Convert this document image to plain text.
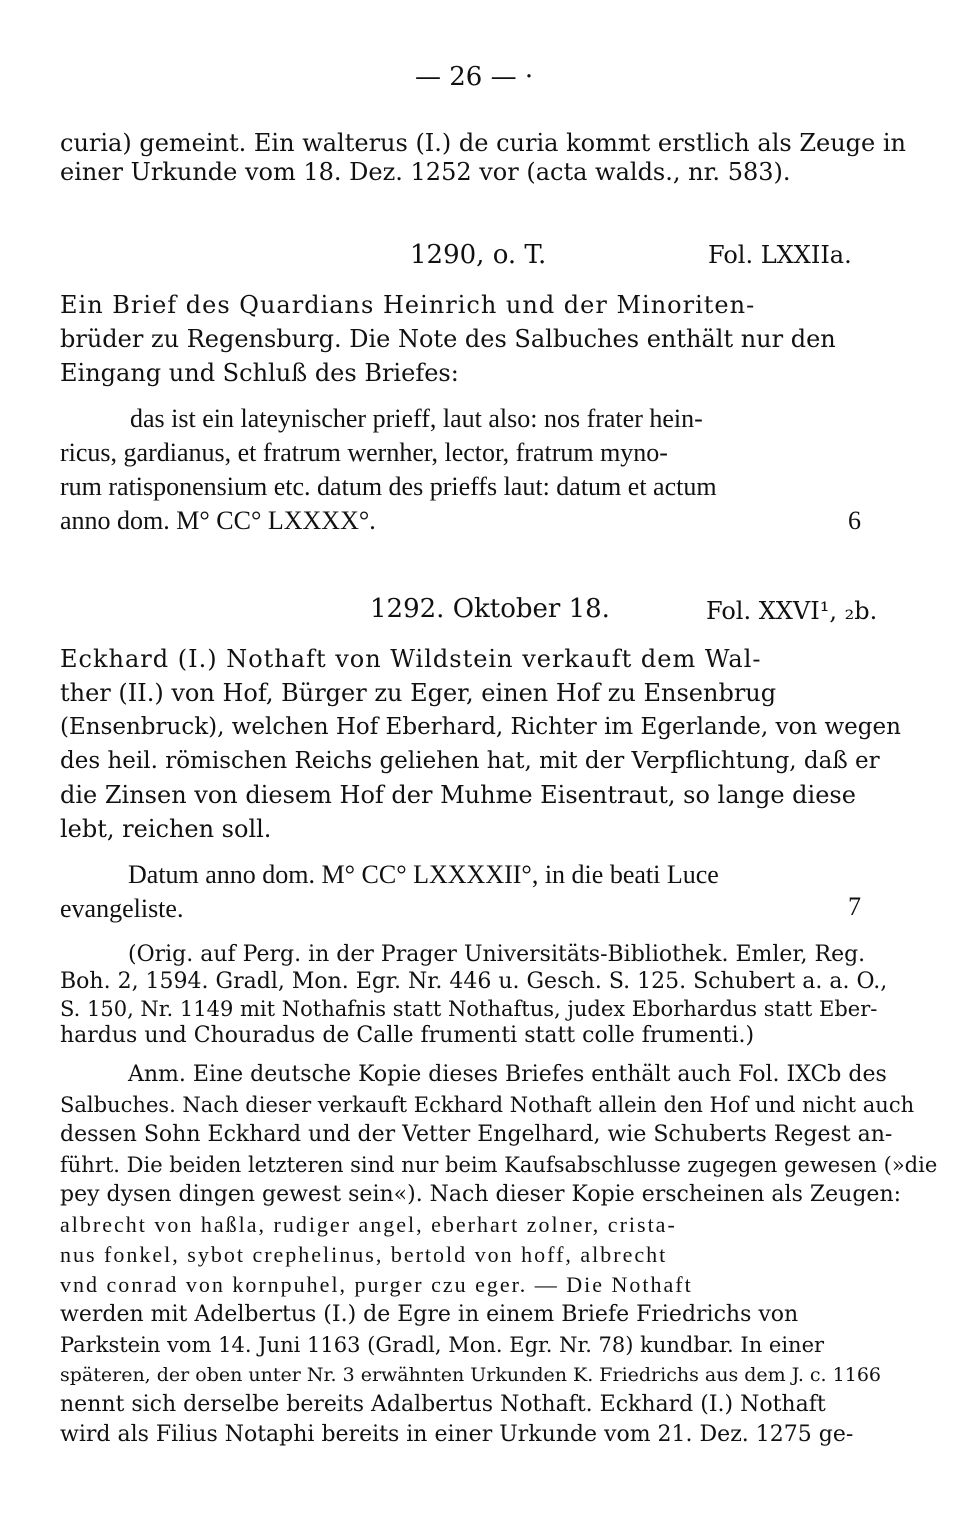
— 26 — ·
curia) gemeint. Ein walterus (I.) de curia kommt erstlich als Zeuge in
einer Urkunde vom 18. Dez. 1252 vor (acta walds., nr. 583).
1290, o. T.	Fol. LXXIIa.
Ein Brief des Quardians Heinrich und der Minoriten-
brüder zu Regensburg. Die Note des Salbuches enthält nur den
Eingang und Schluß des Briefes:
das ist ein lateynischer prieff, laut also: nos frater hein-
ricus, gardianus, et fratrum wernher, lector, fratrum myno-
rum ratisponensium etc. datum des prieffs laut: datum et actum
anno dom. M° CC° LXXXX°.	6
1292. Oktober 18.	Fol. XXVI¹, ₂b.
Eckhard (I.) Nothaft von Wildstein verkauft dem Wal-
ther (II.) von Hof, Bürger zu Eger, einen Hof zu Ensenbrug
(Ensenbruck), welchen Hof Eberhard, Richter im Egerlande, von wegen
des heil. römischen Reichs geliehen hat, mit der Verpflichtung, daß er
die Zinsen von diesem Hof der Muhme Eisentraut, so lange diese
lebt, reichen soll.
Datum anno dom. M° CC° LXXXXII°, in die beati Luce
evangeliste.	7
(Orig. auf Perg. in der Prager Universitäts-Bibliothek. Emler, Reg.
Boh. 2, 1594. Gradl, Mon. Egr. Nr. 446 u. Gesch. S. 125. Schubert a. a. O.,
S. 150, Nr. 1149 mit Nothafnis statt Nothaftus, judex Eborhardus statt Eber-
hardus und Chouradus de Calle frumenti statt colle frumenti.)
Anm. Eine deutsche Kopie dieses Briefes enthält auch Fol. IXCb des
Salbuches. Nach dieser verkauft Eckhard Nothaft allein den Hof und nicht auch
dessen Sohn Eckhard und der Vetter Engelhard, wie Schuberts Regest an-
führt. Die beiden letzteren sind nur beim Kaufsabschlusse zugegen gewesen (»die
pey dysen dingen gewest sein«). Nach dieser Kopie erscheinen als Zeugen:
albrecht von haßla, rudiger angel, eberhart zolner, crista-
nus fonkel, sybot crephelinus, bertold von hoff, albrecht
vnd conrad von kornpuhel, purger czu eger. — Die Nothaft
werden mit Adelbertus (I.) de Egre in einem Briefe Friedrichs von
Parkstein vom 14. Juni 1163 (Gradl, Mon. Egr. Nr. 78) kundbar. In einer
späteren, der oben unter Nr. 3 erwähnten Urkunden K. Friedrichs aus dem J. c. 1166
nennt sich derselbe bereits Adalbertus Nothaft. Eckhard (I.) Nothaft
wird als Filius Notaphi bereits in einer Urkunde vom 21. Dez. 1275 ge-
